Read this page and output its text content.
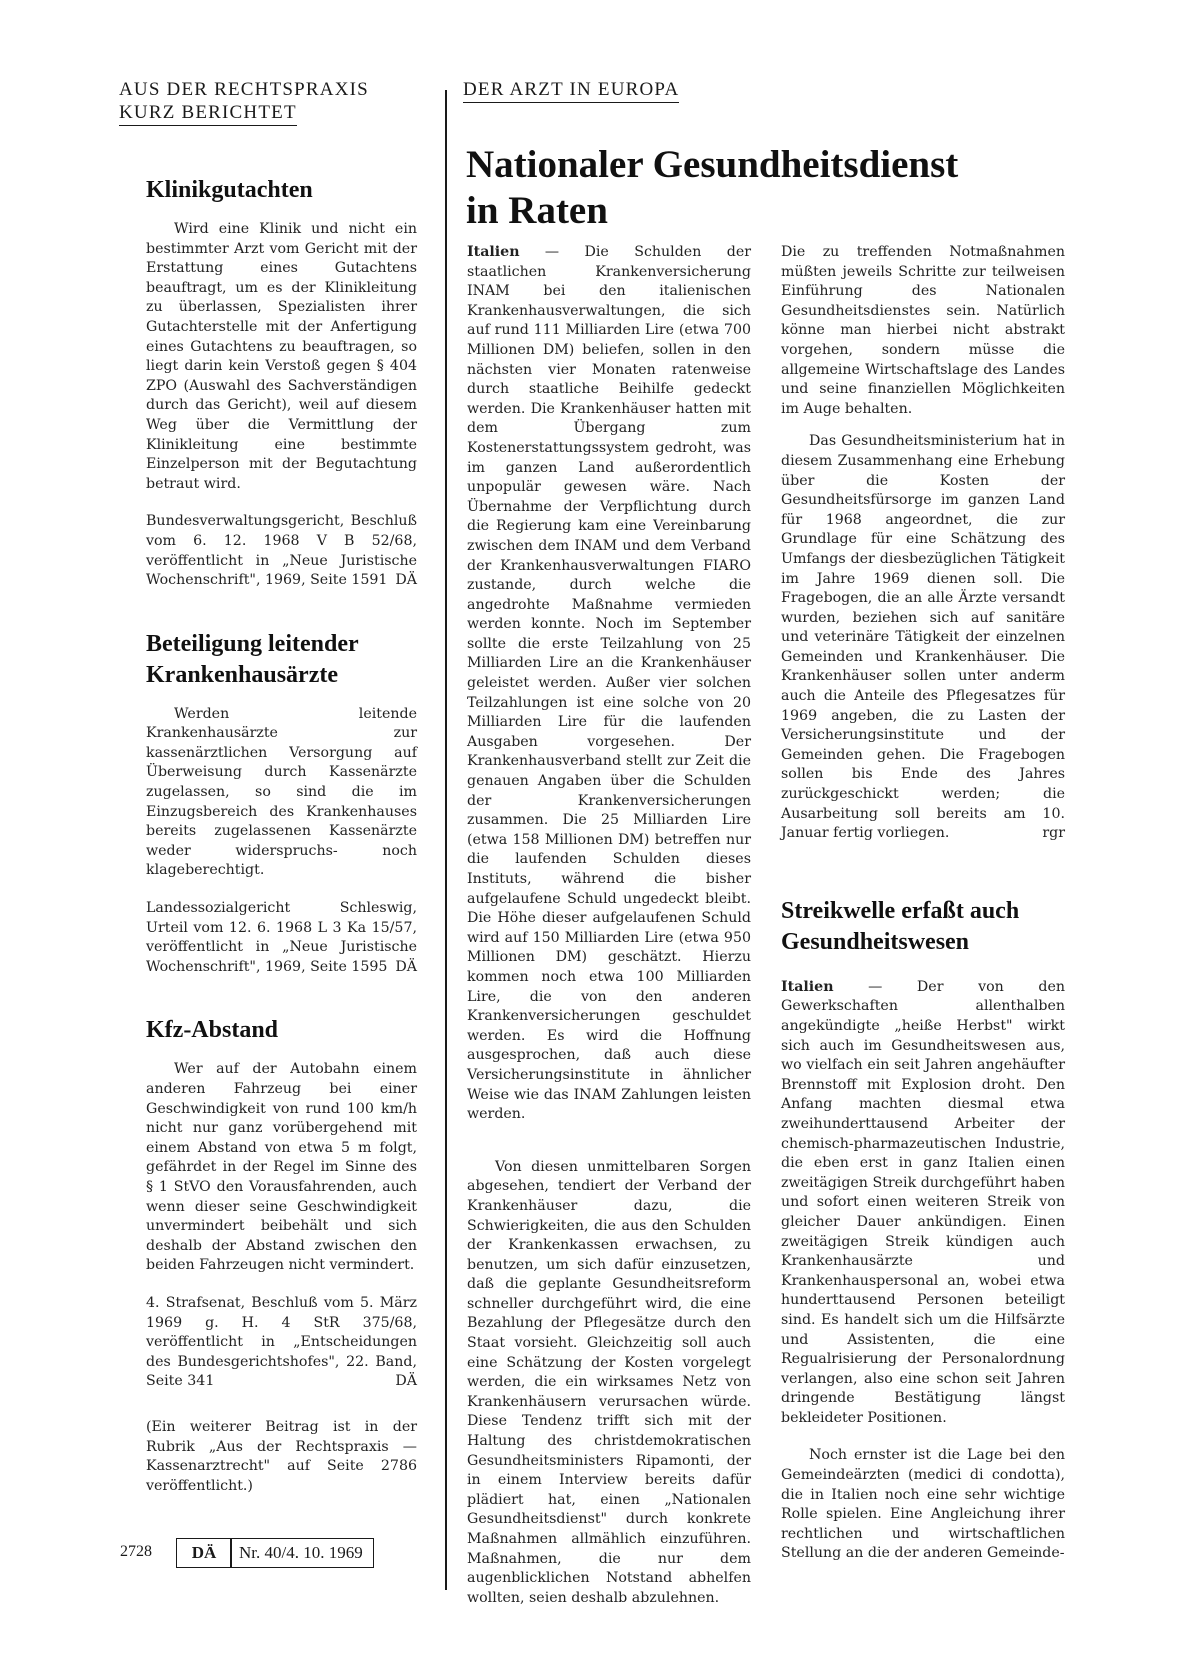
AUS DER RECHTSPRAXIS
KURZ BERICHTET
DER ARZT IN EUROPA
Klinikgutachten
Wird eine Klinik und nicht ein bestimmter Arzt vom Gericht mit der Erstattung eines Gutachtens beauftragt, um es der Klinikleitung zu überlassen, Spezialisten ihrer Gutachterstelle mit der Anfertigung eines Gutachtens zu beauftragen, so liegt darin kein Verstoß gegen § 404 ZPO (Auswahl des Sachverständigen durch das Gericht), weil auf diesem Weg über die Vermittlung der Klinikleitung eine bestimmte Einzelperson mit der Begutachtung betraut wird.
Bundesverwaltungsgericht, Beschluß vom 6. 12. 1968 V B 52/68, veröffentlicht in „Neue Juristische Wochenschrift", 1969, Seite 1591 DÄ
Beteiligung leitender Krankenhausärzte
Werden leitende Krankenhausärzte zur kassenärztlichen Versorgung auf Überweisung durch Kassenärzte zugelassen, so sind die im Einzugsbereich des Krankenhauses bereits zugelassenen Kassenärzte weder widerspruchs- noch klageberechtigt.
Landessozialgericht Schleswig, Urteil vom 12. 6. 1968 L 3 Ka 15/57, veröffentlicht in „Neue Juristische Wochenschrift", 1969, Seite 1595 DÄ
Kfz-Abstand
Wer auf der Autobahn einem anderen Fahrzeug bei einer Geschwindigkeit von rund 100 km/h nicht nur ganz vorübergehend mit einem Abstand von etwa 5 m folgt, gefährdet in der Regel im Sinne des § 1 StVO den Vorausfahrenden, auch wenn dieser seine Geschwindigkeit unvermindert beibehält und sich deshalb der Abstand zwischen den beiden Fahrzeugen nicht vermindert.
4. Strafsenat, Beschluß vom 5. März 1969 g. H. 4 StR 375/68, veröffentlicht in „Entscheidungen des Bundesgerichtshofes", 22. Band, Seite 341	DÄ
(Ein weiterer Beitrag ist in der Rubrik „Aus der Rechtspraxis — Kassenarztrecht" auf Seite 2786 veröffentlicht.)
Nationaler Gesundheitsdienst
in Raten
Italien — Die Schulden der staatlichen Krankenversicherung INAM bei den italienischen Krankenhausverwaltungen, die sich auf rund 111 Milliarden Lire (etwa 700 Millionen DM) beliefen, sollen in den nächsten vier Monaten ratenweise durch staatliche Beihilfe gedeckt werden. Die Krankenhäuser hatten mit dem Übergang zum Kostenerstattungssystem gedroht, was im ganzen Land außerordentlich unpopulär gewesen wäre. Nach Übernahme der Verpflichtung durch die Regierung kam eine Vereinbarung zwischen dem INAM und dem Verband der Krankenhausverwaltungen FIARO zustande, durch welche die angedrohte Maßnahme vermieden werden konnte. Noch im September sollte die erste Teilzahlung von 25 Milliarden Lire an die Krankenhäuser geleistet werden. Außer vier solchen Teilzahlungen ist eine solche von 20 Milliarden Lire für die laufenden Ausgaben vorgesehen. Der Krankenhausverband stellt zur Zeit die genauen Angaben über die Schulden der Krankenversicherungen zusammen. Die 25 Milliarden Lire (etwa 158 Millionen DM) betreffen nur die laufenden Schulden dieses Instituts, während die bisher aufgelaufene Schuld ungedeckt bleibt. Die Höhe dieser aufgelaufenen Schuld wird auf 150 Milliarden Lire (etwa 950 Millionen DM) geschätzt. Hierzu kommen noch etwa 100 Milliarden Lire, die von den anderen Krankenversicherungen geschuldet werden. Es wird die Hoffnung ausgesprochen, daß auch diese Versicherungsinstitute in ähnlicher Weise wie das INAM Zahlungen leisten werden.
Von diesen unmittelbaren Sorgen abgesehen, tendiert der Verband der Krankenhäuser dazu, die Schwierigkeiten, die aus den Schulden der Krankenkassen erwachsen, zu benutzen, um sich dafür einzusetzen, daß die geplante Gesundheitsreform schneller durchgeführt wird, die eine Bezahlung der Pflegesätze durch den Staat vorsieht. Gleichzeitig soll auch eine Schätzung der Kosten vorgelegt werden, die ein wirksames Netz von Krankenhäusern verursachen würde. Diese Tendenz trifft sich mit der Haltung des christdemokratischen Gesundheitsministers Ripamonti, der in einem Interview bereits dafür plädiert hat, einen „Nationalen Gesundheitsdienst" durch konkrete Maßnahmen allmählich einzuführen. Maßnahmen, die nur dem augenblicklichen Notstand abhelfen wollten, seien deshalb abzulehnen.
Die zu treffenden Notmaßnahmen müßten jeweils Schritte zur teilweisen Einführung des Nationalen Gesundheitsdienstes sein. Natürlich könne man hierbei nicht abstrakt vorgehen, sondern müsse die allgemeine Wirtschaftslage des Landes und seine finanziellen Möglichkeiten im Auge behalten.
Das Gesundheitsministerium hat in diesem Zusammenhang eine Erhebung über die Kosten der Gesundheitsfürsorge im ganzen Land für 1968 angeordnet, die zur Grundlage für eine Schätzung des Umfangs der diesbezüglichen Tätigkeit im Jahre 1969 dienen soll. Die Fragebogen, die an alle Ärzte versandt wurden, beziehen sich auf sanitäre und veterinäre Tätigkeit der einzelnen Gemeinden und Krankenhäuser. Die Krankenhäuser sollen unter anderm auch die Anteile des Pflegesatzes für 1969 angeben, die zu Lasten der Versicherungsinstitute und der Gemeinden gehen. Die Fragebogen sollen bis Ende des Jahres zurückgeschickt werden; die Ausarbeitung soll bereits am 10. Januar fertig vorliegen.	rgr
Streikwelle erfaßt auch
Gesundheitswesen
Italien — Der von den Gewerkschaften allenthalben angekündigte „heiße Herbst" wirkt sich auch im Gesundheitswesen aus, wo vielfach ein seit Jahren angehäufter Brennstoff mit Explosion droht. Den Anfang machten diesmal etwa zweihunderttausend Arbeiter der chemisch-pharmazeutischen Industrie, die eben erst in ganz Italien einen zweitägigen Streik durchgeführt haben und sofort einen weiteren Streik von gleicher Dauer ankündigen. Einen zweitägigen Streik kündigen auch Krankenhausärzte und Krankenhauspersonal an, wobei etwa hunderttausend Personen beteiligt sind. Es handelt sich um die Hilfsärzte und Assistenten, die eine Regualrisierung der Personalordnung verlangen, also eine schon seit Jahren dringende Bestätigung längst bekleideter Positionen.
Noch ernster ist die Lage bei den Gemeindeärzten (medici di condotta), die in Italien noch eine sehr wichtige Rolle spielen. Eine Angleichung ihrer rechtlichen und wirtschaftlichen Stellung an die der anderen Gemeinde-
2728 DÄ Nr. 40/4. 10. 1969
